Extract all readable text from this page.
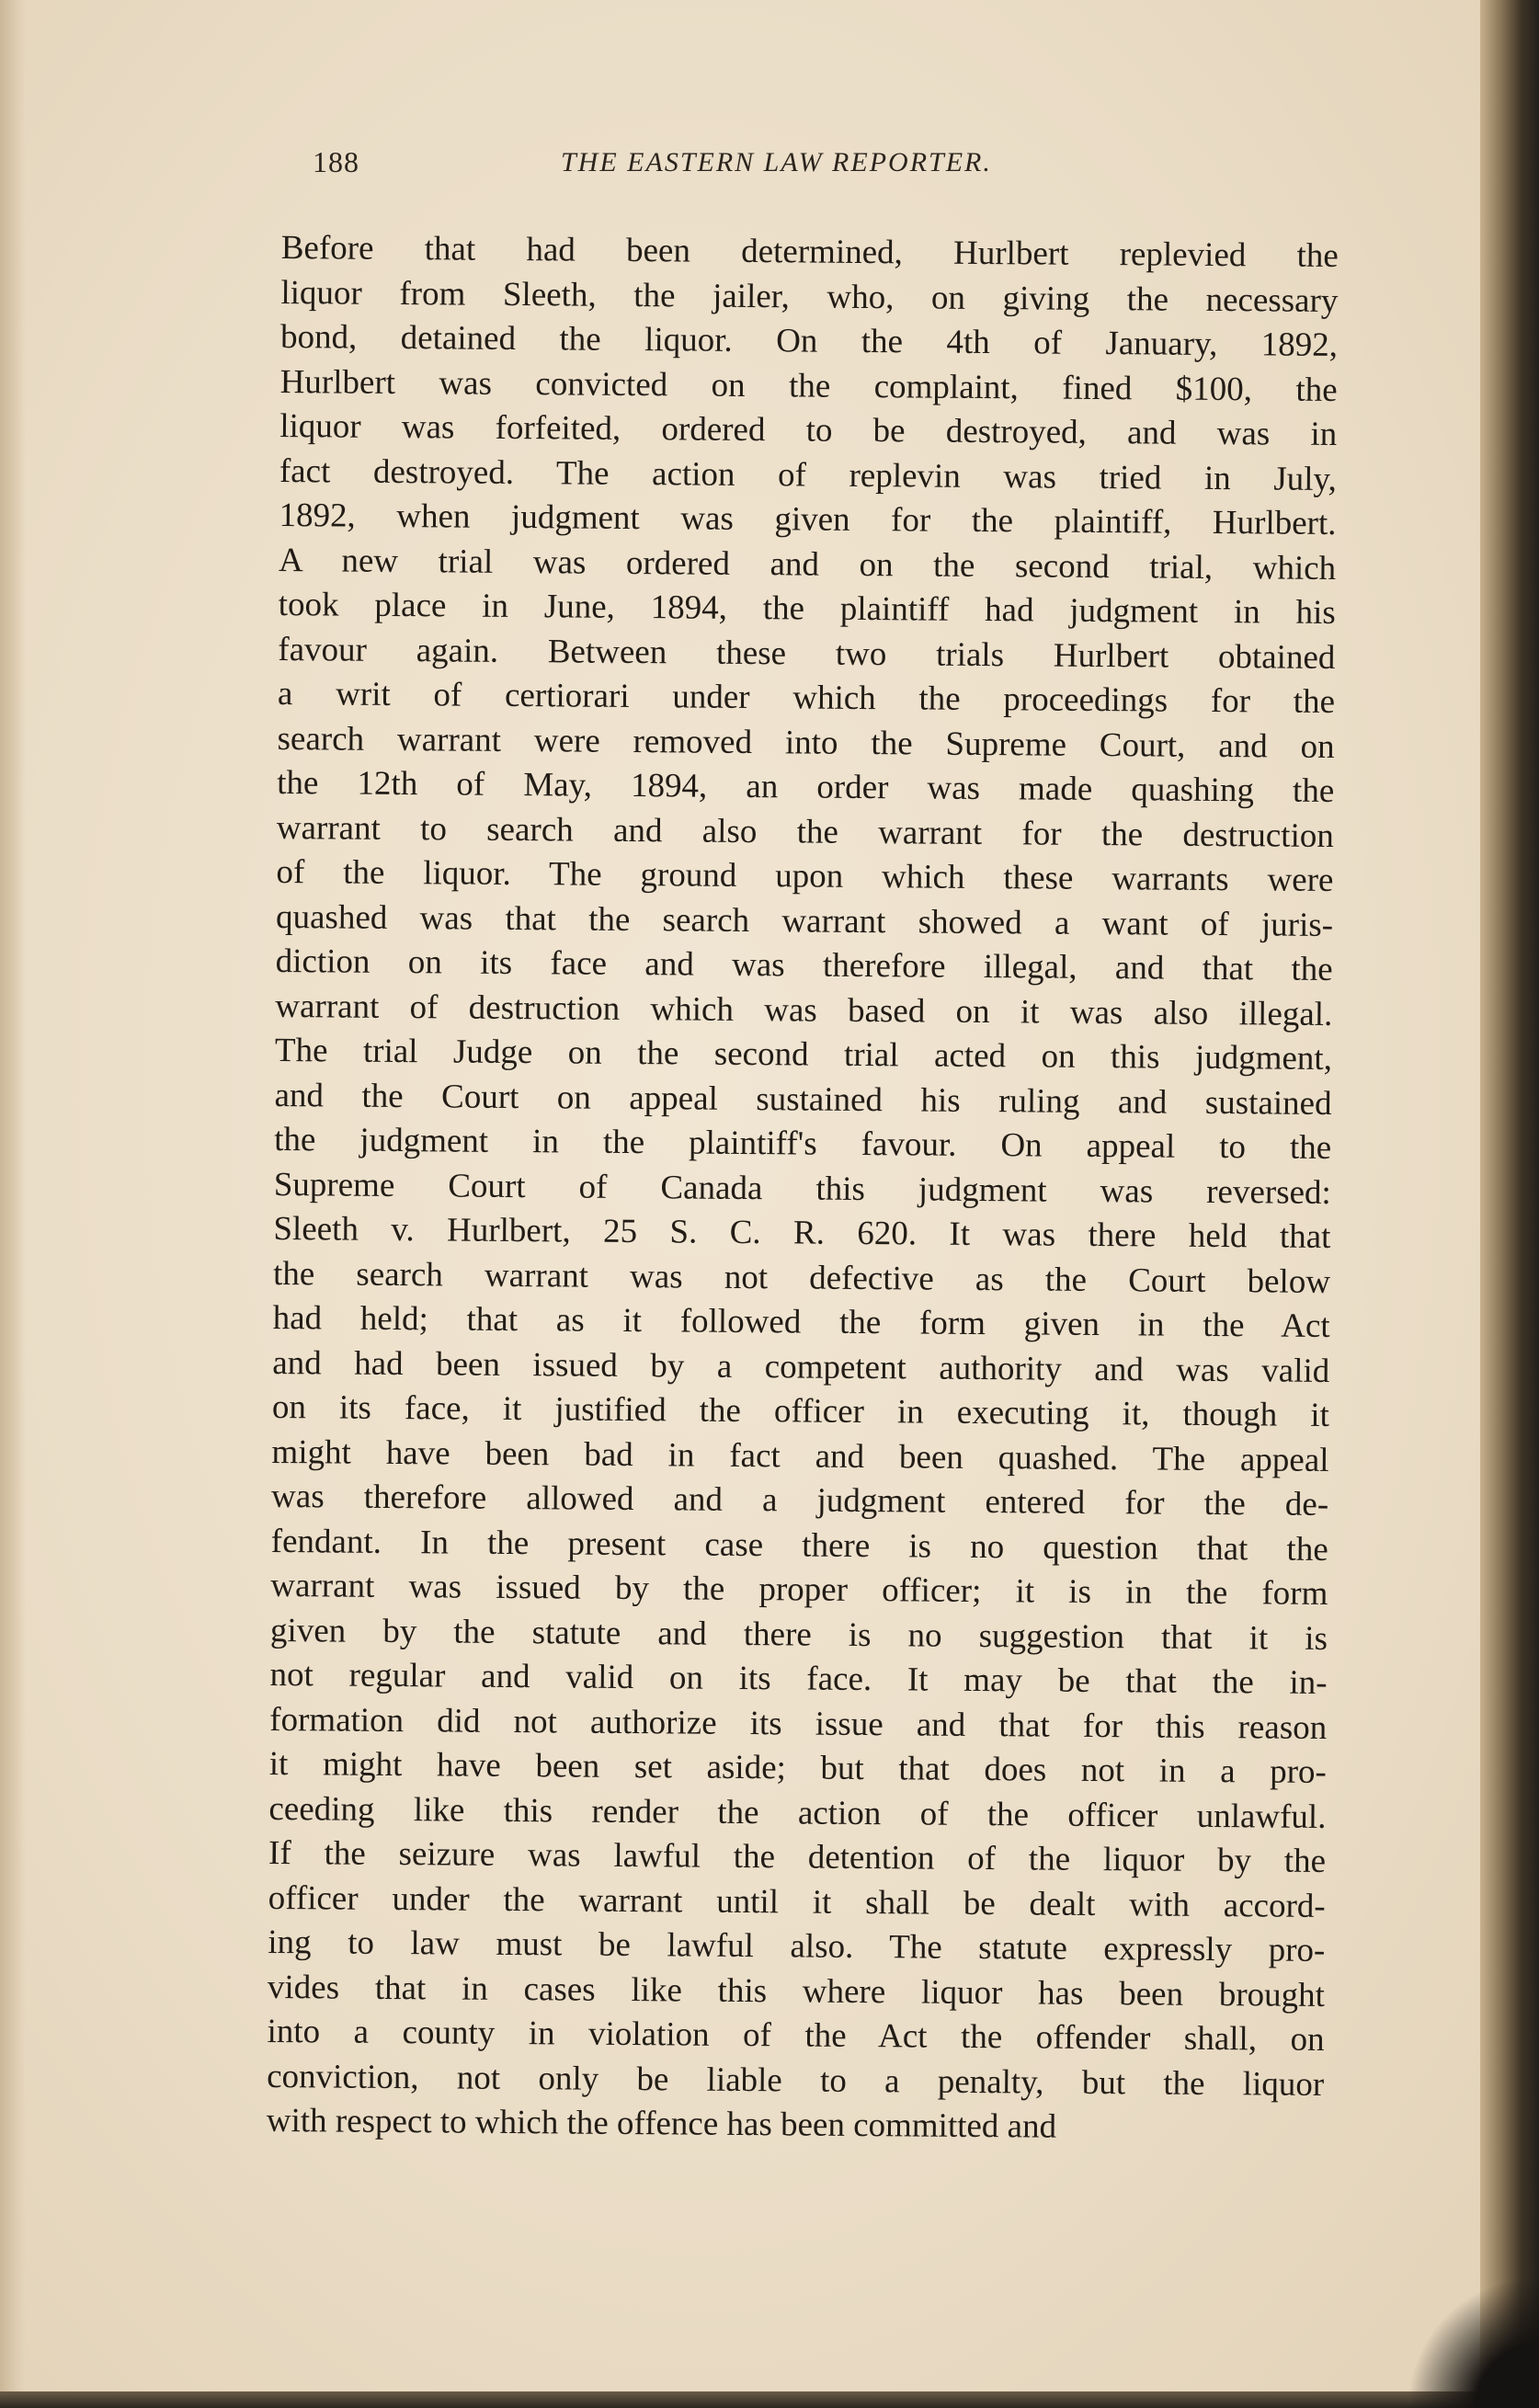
188	THE EASTERN LAW REPORTER.
Before that had been determined, Hurlbert replevied the
liquor from Sleeth, the jailer, who, on giving the necessary
bond, detained the liquor. On the 4th of January, 1892,
Hurlbert was convicted on the complaint, fined $100, the
liquor was forfeited, ordered to be destroyed, and was in
fact destroyed. The action of replevin was tried in July,
1892, when judgment was given for the plaintiff, Hurlbert.
A new trial was ordered and on the second trial, which
took place in June, 1894, the plaintiff had judgment in his
favour again. Between these two trials Hurlbert obtained
a writ of certiorari under which the proceedings for the
search warrant were removed into the Supreme Court, and on
the 12th of May, 1894, an order was made quashing the
warrant to search and also the warrant for the destruction
of the liquor. The ground upon which these warrants were
quashed was that the search warrant showed a want of juris-
diction on its face and was therefore illegal, and that the
warrant of destruction which was based on it was also illegal.
The trial Judge on the second trial acted on this judgment,
and the Court on appeal sustained his ruling and sustained
the judgment in the plaintiff's favour. On appeal to the
Supreme Court of Canada this judgment was reversed:
Sleeth v. Hurlbert, 25 S. C. R. 620. It was there held that
the search warrant was not defective as the Court below
had held; that as it followed the form given in the Act
and had been issued by a competent authority and was valid
on its face, it justified the officer in executing it, though it
might have been bad in fact and been quashed. The appeal
was therefore allowed and a judgment entered for the de-
fendant. In the present case there is no question that the
warrant was issued by the proper officer; it is in the form
given by the statute and there is no suggestion that it is
not regular and valid on its face. It may be that the in-
formation did not authorize its issue and that for this reason
it might have been set aside; but that does not in a pro-
ceeding like this render the action of the officer unlawful.
If the seizure was lawful the detention of the liquor by the
officer under the warrant until it shall be dealt with accord-
ing to law must be lawful also. The statute expressly pro-
vides that in cases like this where liquor has been brought
into a county in violation of the Act the offender shall, on
conviction, not only be liable to a penalty, but the liquor
with respect to which the offence has been committed and
